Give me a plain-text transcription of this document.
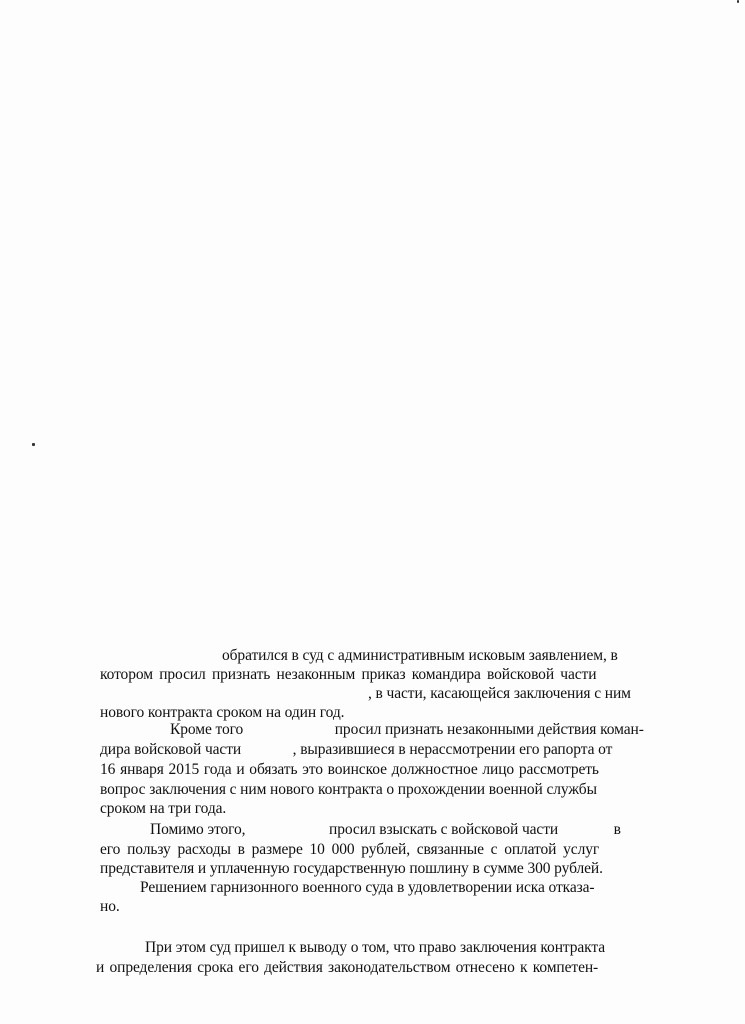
обратился в суд с административным исковым заявлением, в
котором просил признать незаконным приказ командира войсковой части
, в части, касающейся заключения с ним
нового контракта сроком на один год.
Кроме того	просил признать незаконными действия коман-
дира войсковой части	, выразившиеся в нерассмотрении его рапорта от
16 января 2015 года и обязать это воинское должностное лицо рассмотреть
вопрос заключения с ним нового контракта о прохождении военной службы
сроком на три года.
Помимо этого,	просил взыскать с войсковой части	в
его пользу расходы в размере 10 000 рублей, связанные с оплатой услуг
представителя и уплаченную государственную пошлину в сумме 300 рублей.
Решением гарнизонного военного суда в удовлетворении иска отказа-
но.
При этом суд пришел к выводу о том, что право заключения контракта
и определения срока его действия законодательством отнесено к компетен-
